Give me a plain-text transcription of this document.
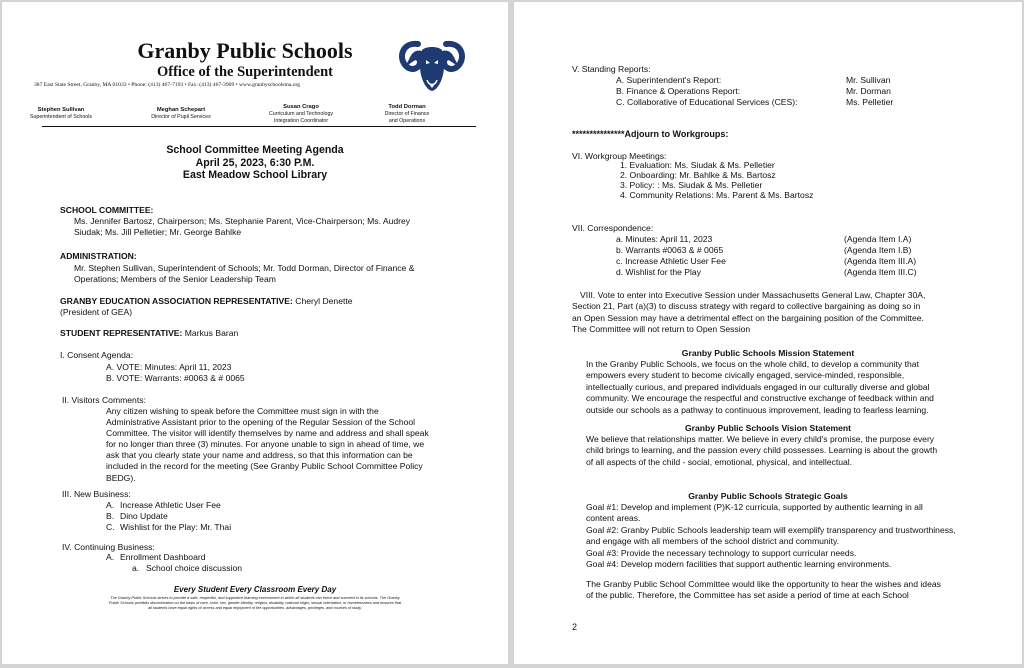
Granby Public Schools
Office of the Superintendent
387 East State Street, Granby, MA 01033 • Phone: (413) 467-7193 • Fax: (413) 467-3909 • www.granbyschoolsma.org
Stephen Sullivan
Superintendent of Schools
Meghan Schepart
Director of Pupil Services
Susan Crago
Curriculum and Technology
Integration Coordinator
Todd Dorman
Director of Finance
and Operations
School Committee Meeting Agenda
April 25, 2023, 6:30 P.M.
East Meadow School Library
SCHOOL COMMITTEE:
Ms. Jennifer Bartosz, Chairperson; Ms. Stephanie Parent, Vice-Chairperson; Ms. Audrey
Siudak; Ms. Jill Pelletier; Mr. George Bahlke
ADMINISTRATION:
Mr. Stephen Sullivan, Superintendent of Schools; Mr. Todd Dorman, Director of Finance &
Operations; Members of the Senior Leadership Team
GRANBY EDUCATION ASSOCIATION REPRESENTATIVE: Cheryl Denette
(President of GEA)
STUDENT REPRESENTATIVE: Markus Baran
I. Consent Agenda:
A. VOTE: Minutes: April 11, 2023
B. VOTE: Warrants: #0063 & # 0065
II. Visitors Comments:
Any citizen wishing to speak before the Committee must sign in with the
Administrative Assistant prior to the opening of the Regular Session of the School
Committee. The visitor will identify themselves by name and address and shall speak
for no longer than three (3) minutes. For anyone unable to sign in ahead of time, we
ask that you clearly state your name and address, so that this information can be
included in the record for the meeting (See Granby Public School Committee Policy
BEDG).
III. New Business:
A. Increase Athletic User Fee
B. Dino Update
C. Wishlist for the Play: Mr. Thai
IV. Continuing Business:
A. Enrollment Dashboard
a. School choice discussion
Every Student Every Classroom Every Day
The Granby Public Schools strives to provide a safe, respectful, and supportive learning environment in which all students can thrive and succeed in its schools. The Granby
Public Schools prohibits discrimination on the basis of race, color, sex, gender identity, religion, disability, national origin, sexual orientation, or homelessness and ensures that
all students have equal rights of access and equal enjoyment of the opportunities, advantages, privileges, and courses of study.
V. Standing Reports:
A. Superintendent's Report:	Mr. Sullivan
B. Finance & Operations Report:	Mr. Dorman
C. Collaborative of Educational Services (CES):	Ms. Pelletier
***************Adjourn to Workgroups:
VI. Workgroup Meetings:
1. Evaluation: Ms. Siudak & Ms. Pelletier
2. Onboarding: Mr. Bahlke & Ms. Bartosz
3. Policy: : Ms. Siudak & Ms. Pelletier
4. Community Relations: Ms. Parent & Ms. Bartosz
VII. Correspondence:
a. Minutes: April 11, 2023	(Agenda Item I.A)
b. Warrants #0063 & # 0065	(Agenda Item I.B)
c. Increase Athletic User Fee	(Agenda Item III.A)
d. Wishlist for the Play	(Agenda Item III.C)
VIII. Vote to enter into Executive Session under Massachusetts General Law, Chapter 30A,
Section 21, Part (a)(3) to discuss strategy with regard to collective bargaining as doing so in
an Open Session may have a detrimental effect on the bargaining position of the Committee.
The Committee will not return to Open Session
Granby Public Schools Mission Statement
In the Granby Public Schools, we focus on the whole child, to develop a community that
empowers every student to become civically engaged, service-minded, responsible,
intellectually curious, and prepared individuals engaged in our culturally diverse and global
community. We encourage the respectful and constructive exchange of feedback within and
outside our schools as a pathway to continuous improvement, leading to fearless learning.
Granby Public Schools Vision Statement
We believe that relationships matter. We believe in every child's promise, the purpose every
child brings to learning, and the passion every child possesses. Learning is about the growth
of all aspects of the child - social, emotional, physical, and intellectual.
Granby Public Schools Strategic Goals
Goal #1: Develop and implement (P)K-12 curricula, supported by authentic learning in all
content areas.
Goal #2: Granby Public Schools leadership team will exemplify transparency and trustworthiness,
and engage with all members of the school district and community.
Goal #3: Provide the necessary technology to support curricular needs.
Goal #4: Develop modern facilities that support authentic learning environments.
The Granby Public School Committee would like the opportunity to hear the wishes and ideas
of the public. Therefore, the Committee has set aside a period of time at each School
2
